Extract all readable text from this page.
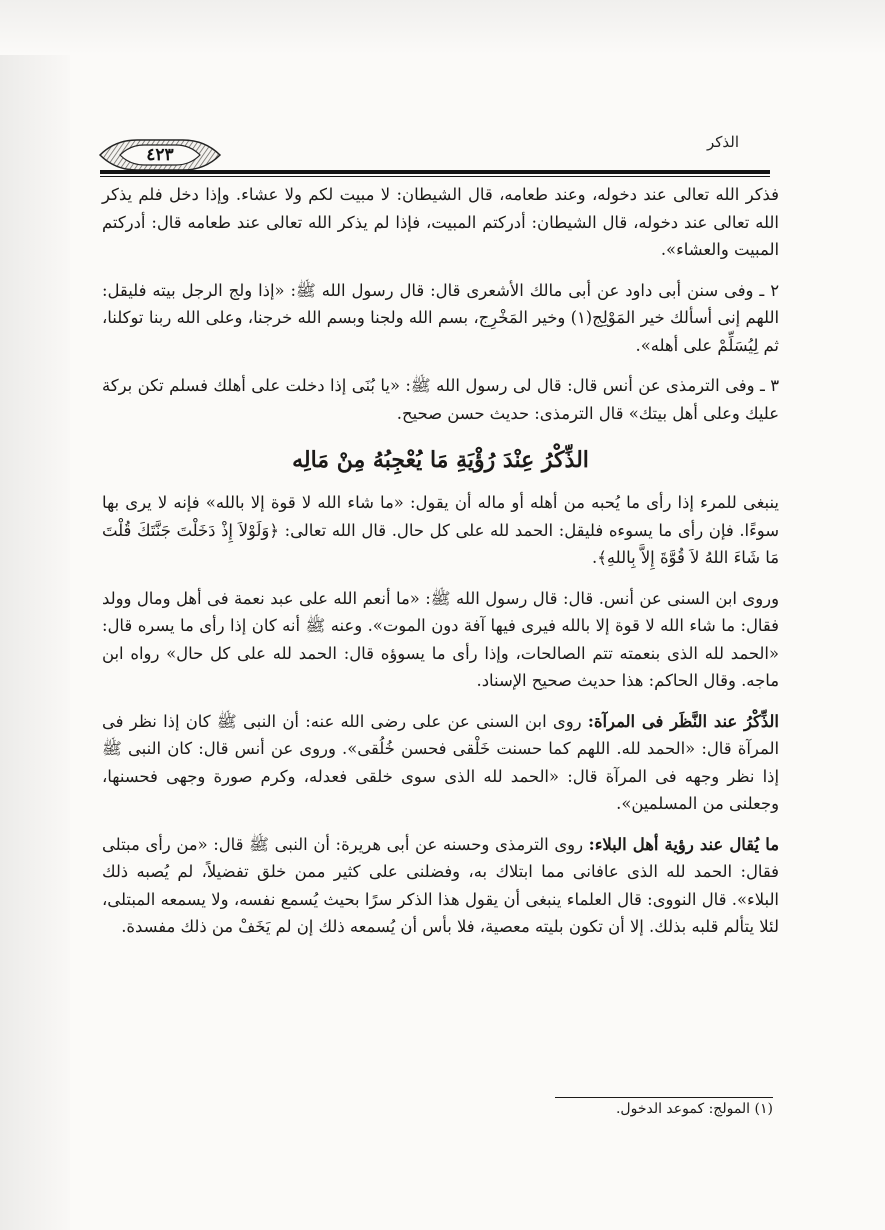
الذكر
٤٢٣

فذكر الله تعالى عند دخوله، وعند طعامه، قال الشيطان: لا مبيت لكم ولا عشاء. وإذا دخل فلم يذكر الله تعالى عند دخوله، قال الشيطان: أدركتم المبيت، فإذا لم يذكر الله تعالى عند طعامه قال: أدركتم المبيت والعشاء».

٢ ـ وفى سنن أبى داود عن أبى مالك الأشعرى قال: قال رسول الله ﷺ: «إذا ولج الرجل بيته فليقل: اللهم إنى أسألك خير المَوْلِج(١) وخير المَخْرِج، بسم الله ولجنا وبسم الله خرجنا، وعلى الله ربنا توكلنا، ثم لِيُسَلِّمْ على أهله».

٣ ـ وفى الترمذى عن أنس قال: قال لى رسول الله ﷺ: «يا بُنَى إذا دخلت على أهلك فسلم تكن بركة عليك وعلى أهل بيتك» قال الترمذى: حديث حسن صحيح.

الذِّكْرُ عِنْدَ رُؤْيَةِ مَا يُعْجِبُهُ مِنْ مَالِه

ينبغى للمرء إذا رأى ما يُحبه من أهله أو ماله أن يقول: «ما شاء الله لا قوة إلا بالله» فإنه لا يرى بها سوءًا. فإن رأى ما يسوءه فليقل: الحمد لله على كل حال. قال الله تعالى: ﴿وَلَوْلاَ إِذْ دَخَلْتَ جَنَّتَكَ قُلْتَ مَا شَاءَ اللهُ لاَ قُوَّةَ إِلاَّ بِاللهِ﴾.

وروى ابن السنى عن أنس. قال: قال رسول الله ﷺ: «ما أنعم الله على عبد نعمة فى أهل ومال وولد فقال: ما شاء الله لا قوة إلا بالله فيرى فيها آفة دون الموت». وعنه ﷺ أنه كان إذا رأى ما يسره قال: «الحمد لله الذى بنعمته تتم الصالحات، وإذا رأى ما يسوؤه قال: الحمد لله على كل حال» رواه ابن ماجه. وقال الحاكم: هذا حديث صحيح الإسناد.

الذِّكْرُ عند النَّظَر فى المرآة: روى ابن السنى عن على رضى الله عنه: أن النبى ﷺ كان إذا نظر فى المرآة قال: «الحمد لله. اللهم كما حسنت خَلْقى فحسن خُلُقى». وروى عن أنس قال: كان النبى ﷺ إذا نظر وجهه فى المرآة قال: «الحمد لله الذى سوى خلقى فعدله، وكرم صورة وجهى فحسنها، وجعلنى من المسلمين».

ما يُقال عند رؤية أهل البلاء: روى الترمذى وحسنه عن أبى هريرة: أن النبى ﷺ قال: «من رأى مبتلى فقال: الحمد لله الذى عافانى مما ابتلاك به، وفضلنى على كثير ممن خلق تفضيلاً، لم يُصبه ذلك البلاء». قال النووى: قال العلماء ينبغى أن يقول هذا الذكر سرًا بحيث يُسمع نفسه، ولا يسمعه المبتلى، لئلا يتألم قلبه بذلك. إلا أن تكون بليته معصية، فلا بأس أن يُسمعه ذلك إن لم يَخَفْ من ذلك مفسدة.

(١) المولج: كموعد الدخول.
